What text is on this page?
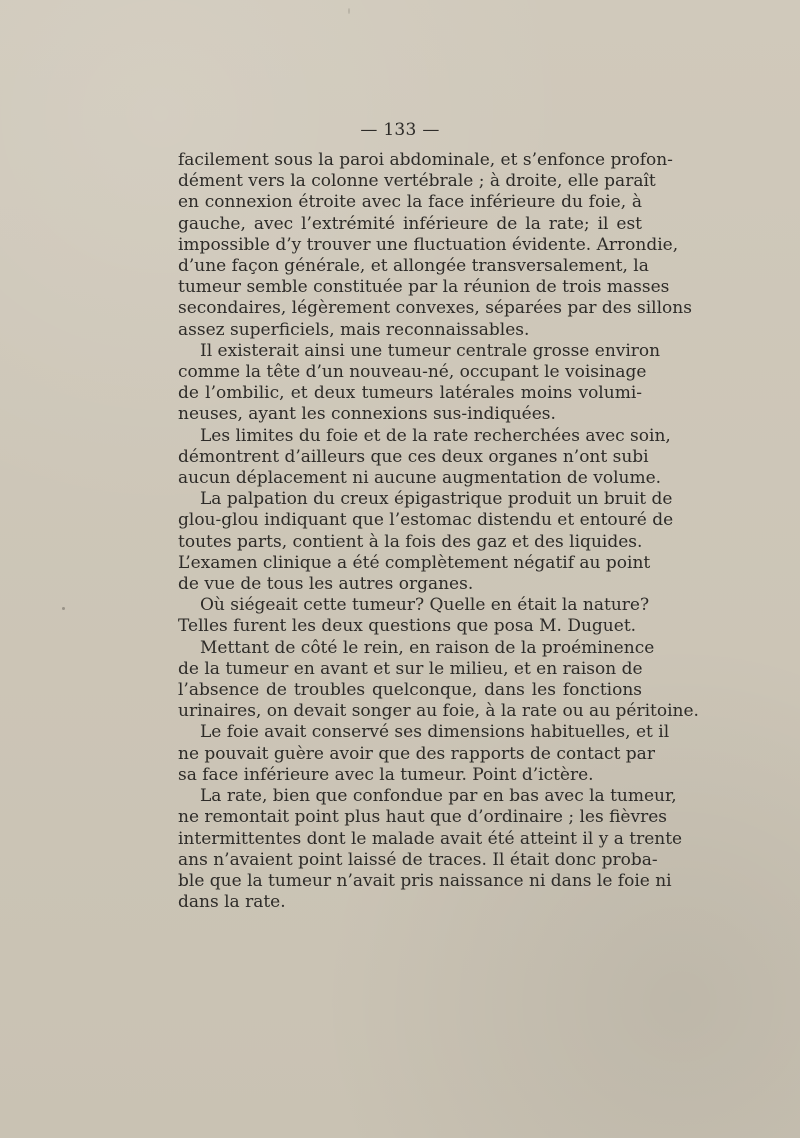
— 133 —
facilement sous la paroi abdominale, et s’enfonce profon-
dément vers la colonne vertébrale ; à droite, elle paraît
en connexion étroite avec la face inférieure du foie, à
gauche, avec l’extrémité inférieure de la rate; il est
impossible d’y trouver une fluctuation évidente. Arrondie,
d’une façon générale, et allongée transversalement, la
tumeur semble constituée par la réunion de trois masses
secondaires, légèrement convexes, séparées par des sillons
assez superficiels, mais reconnaissables.
Il existerait ainsi une tumeur centrale grosse environ
comme la tête d’un nouveau-né, occupant le voisinage
de l’ombilic, et deux tumeurs latérales moins volumi-
neuses, ayant les connexions sus-indiquées.
Les limites du foie et de la rate recherchées avec soin,
démontrent d’ailleurs que ces deux organes n’ont subi
aucun déplacement ni aucune augmentation de volume.
La palpation du creux épigastrique produit un bruit de
glou-glou indiquant que l’estomac distendu et entouré de
toutes parts, contient à la fois des gaz et des liquides.
L’examen clinique a été complètement négatif au point
de vue de tous les autres organes.
Où siégeait cette tumeur? Quelle en était la nature?
Telles furent les deux questions que posa M. Duguet.
Mettant de côté le rein, en raison de la proéminence
de la tumeur en avant et sur le milieu, et en raison de
l’absence de troubles quelconque, dans les fonctions
urinaires, on devait songer au foie, à la rate ou au péritoine.
Le foie avait conservé ses dimensions habituelles, et il
ne pouvait guère avoir que des rapports de contact par
sa face inférieure avec la tumeur. Point d’ictère.
La rate, bien que confondue par en bas avec la tumeur,
ne remontait point plus haut que d’ordinaire ; les fièvres
intermittentes dont le malade avait été atteint il y a trente
ans n’avaient point laissé de traces. Il était donc proba-
ble que la tumeur n’avait pris naissance ni dans le foie ni
dans la rate.
